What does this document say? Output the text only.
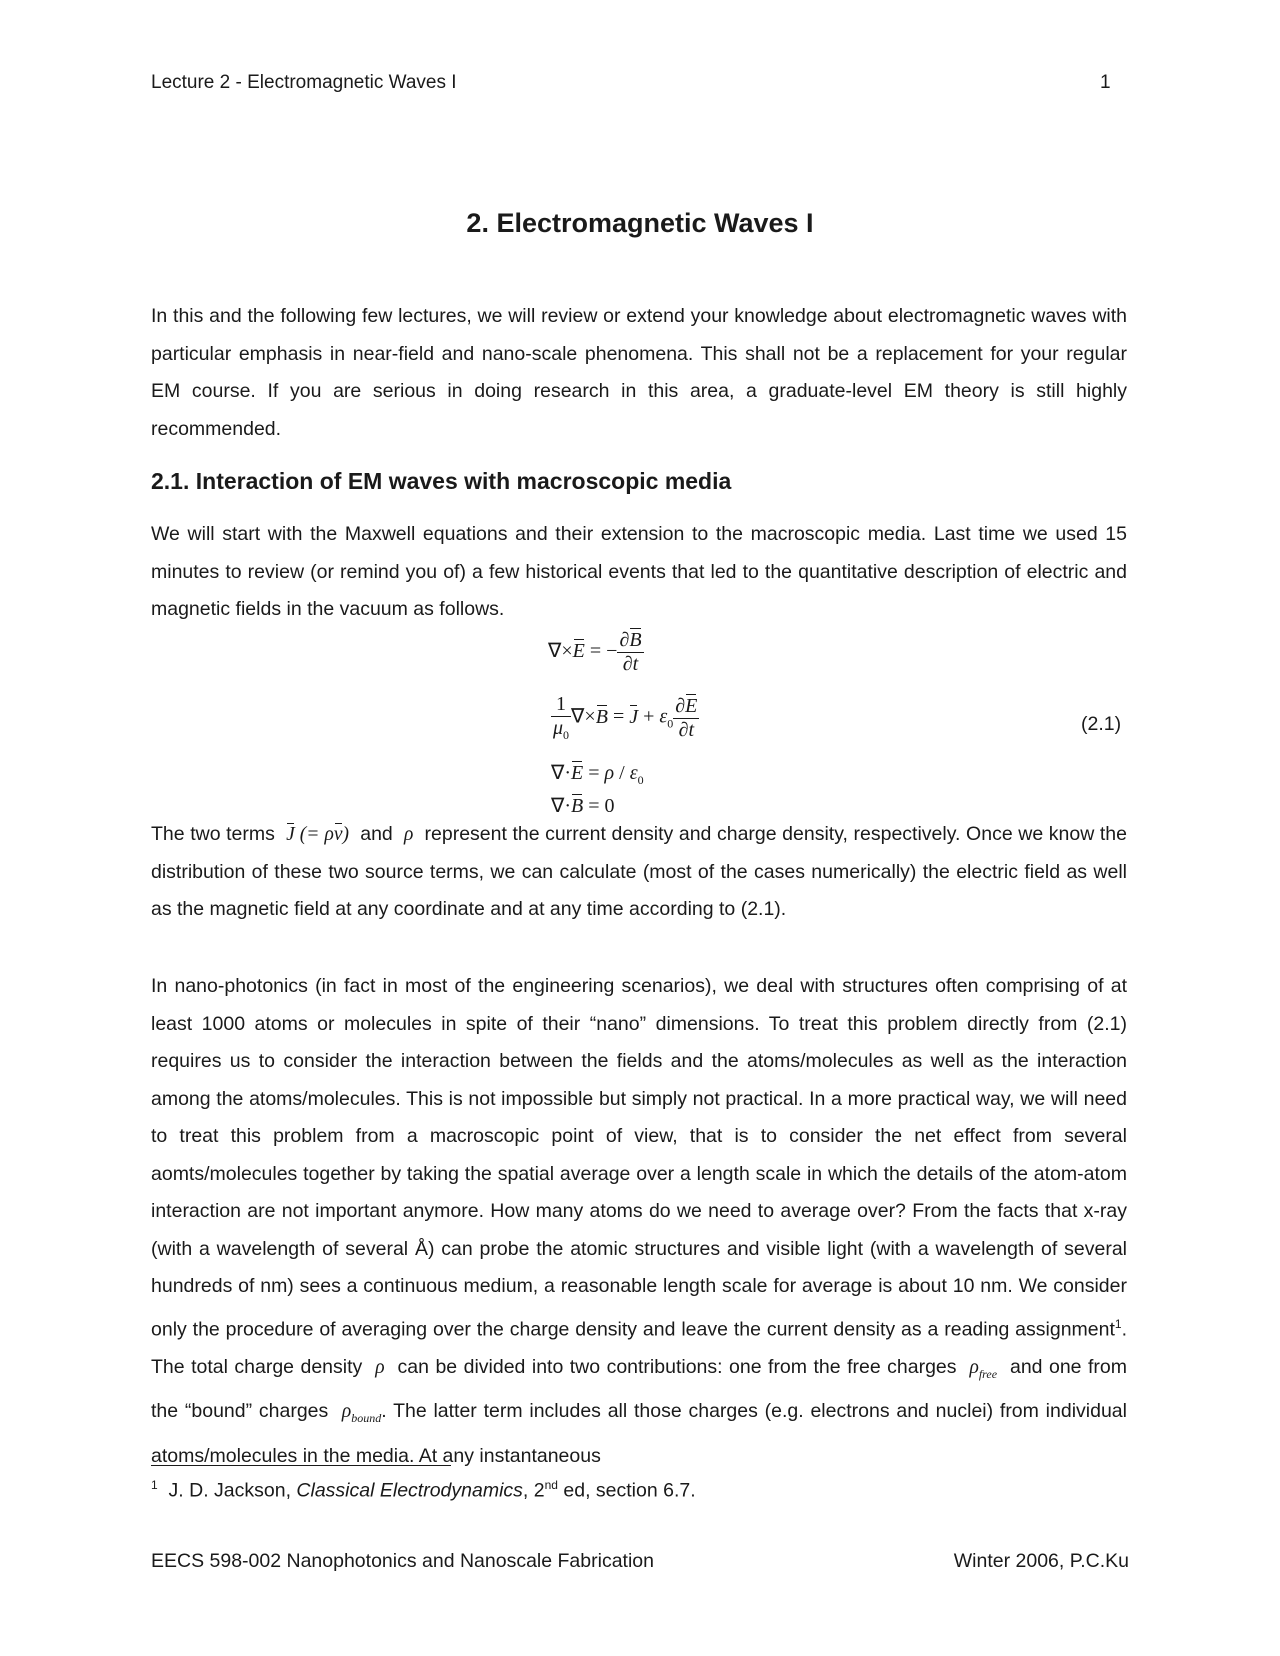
Lecture 2 - Electromagnetic Waves I	1
2. Electromagnetic Waves I

In this and the following few lectures, we will review or extend your knowledge about electromagnetic waves with particular emphasis in near-field and nano-scale phenomena. This shall not be a replacement for your regular EM course. If you are serious in doing research in this area, a graduate-level EM theory is still highly recommended.

2.1. Interaction of EM waves with macroscopic media

We will start with the Maxwell equations and their extension to the macroscopic media. Last time we used 15 minutes to review (or remind you of) a few historical events that led to the quantitative description of electric and magnetic fields in the vacuum as follows.

∇×E = − $\frac{\partial B}{\partial t}$
$\frac{1}{\mu_0} \nabla\times B = J + \varepsilon_0 \frac{\partial E}{\partial t}$
$\nabla\cdot E = \rho / \varepsilon_0$
∇·B = 0
(2.1)

The two terms J (= ρv) and ρ represent the current density and charge density, respectively. Once we know the distribution of these two source terms, we can calculate (most of the cases numerically) the electric field as well as the magnetic field at any coordinate and at any time according to (2.1).

In nano-photonics (in fact in most of the engineering scenarios), we deal with structures often comprising of at least 1000 atoms or molecules in spite of their “nano” dimensions. To treat this problem directly from (2.1) requires us to consider the interaction between the fields and the atoms/molecules as well as the interaction among the atoms/molecules. This is not impossible but simply not practical. In a more practical way, we will need to treat this problem from a macroscopic point of view, that is to consider the net effect from several aomts/molecules together by taking the spatial average over a length scale in which the details of the atom-atom interaction are not important anymore. How many atoms do we need to average over? From the facts that x-ray (with a wavelength of several Å) can probe the atomic structures and visible light (with a wavelength of several hundreds of nm) sees a continuous medium, a reasonable length scale for average is about 10 nm. We consider only the procedure of averaging over the charge density and leave the current density as a reading assignment$^1$. The total charge density ρ can be divided into two contributions: one from the free charges $\rho_{free}$ and one from the “bound” charges $\rho_{bound}$. The latter term includes all those charges (e.g. electrons and nuclei) from individual atoms/molecules in the media. At any instantaneous

$^1$ J. D. Jackson, Classical Electrodynamics, 2nd ed, section 6.7.
EECS 598-002 Nanophotonics and Nanoscale Fabrication	Winter 2006, P.C.Ku
